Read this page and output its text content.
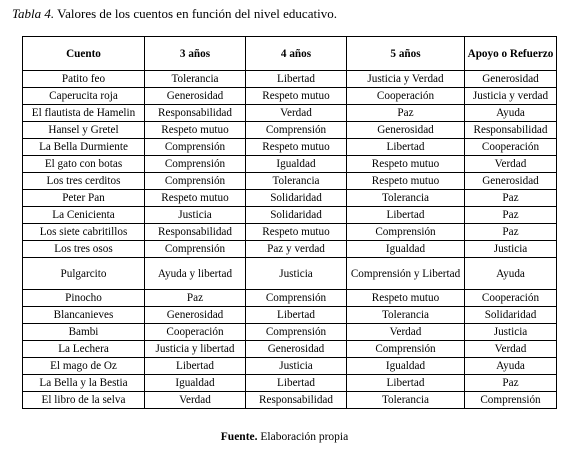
Tabla 4. Valores de los cuentos en función del nivel educativo.
Cuento	3 años	4 años	5 años	Apoyo o Refuerzo
Patito feo	Tolerancia	Libertad	Justicia y Verdad	Generosidad
Caperucita roja	Generosidad	Respeto mutuo	Cooperación	Justicia y verdad
El flautista de Hamelin	Responsabilidad	Verdad	Paz	Ayuda
Hansel y Gretel	Respeto mutuo	Comprensión	Generosidad	Responsabilidad
La Bella Durmiente	Comprensión	Respeto mutuo	Libertad	Cooperación
El gato con botas	Comprensión	Igualdad	Respeto mutuo	Verdad
Los tres cerditos	Comprensión	Tolerancia	Respeto mutuo	Generosidad
Peter Pan	Respeto mutuo	Solidaridad	Tolerancia	Paz
La Cenicienta	Justicia	Solidaridad	Libertad	Paz
Los siete cabritillos	Responsabilidad	Respeto mutuo	Comprensión	Paz
Los tres osos	Comprensión	Paz y verdad	Igualdad	Justicia
Pulgarcito	Ayuda y libertad	Justicia	Comprensión y Libertad	Ayuda
Pinocho	Paz	Comprensión	Respeto mutuo	Cooperación
Blancanieves	Generosidad	Libertad	Tolerancia	Solidaridad
Bambi	Cooperación	Comprensión	Verdad	Justicia
La Lechera	Justicia y libertad	Generosidad	Comprensión	Verdad
El mago de Oz	Libertad	Justicia	Igualdad	Ayuda
La Bella y la Bestia	Igualdad	Libertad	Libertad	Paz
El libro de la selva	Verdad	Responsabilidad	Tolerancia	Comprensión
Fuente. Elaboración propia
